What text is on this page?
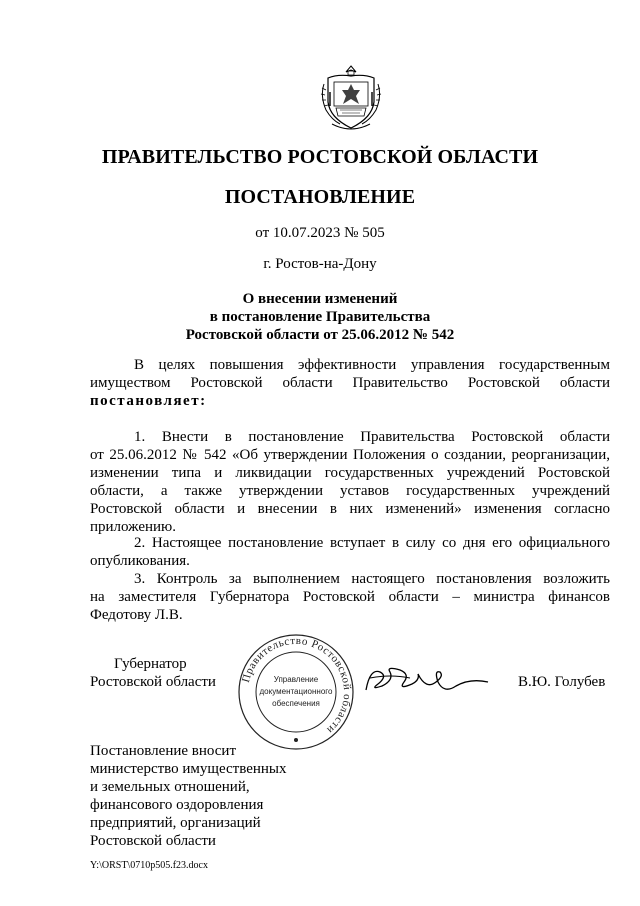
ПРАВИТЕЛЬСТВО РОСТОВСКОЙ ОБЛАСТИ
ПОСТАНОВЛЕНИЕ
от 10.07.2023 № 505
г. Ростов-на-Дону
О внесении изменений
в постановление Правительства
Ростовской области от 25.06.2012 № 542
В целях повышения эффективности управления государственным
имуществом Ростовской области Правительство Ростовской области
постановляет:
1. Внести в постановление Правительства Ростовской области
от 25.06.2012 № 542 «Об утверждении Положения о создании, реорганизации,
изменении типа и ликвидации государственных учреждений Ростовской
области, а также утверждении уставов государственных учреждений
Ростовской области и внесении в них изменений» изменения согласно
приложению.
2. Настоящее постановление вступает в силу со дня его официального
опубликования.
3. Контроль за выполнением настоящего постановления возложить
на заместителя Губернатора Ростовской области – министра финансов
Федотову Л.В.
Губернатор
Ростовской области Правительство Ростовской области
Управление
документационного
обеспечения
В.Ю. Голубев
Постановление вносит
министерство имущественных
и земельных отношений,
финансового оздоровления
предприятий, организаций
Ростовской области
Y:\ORST\0710p505.f23.docx
